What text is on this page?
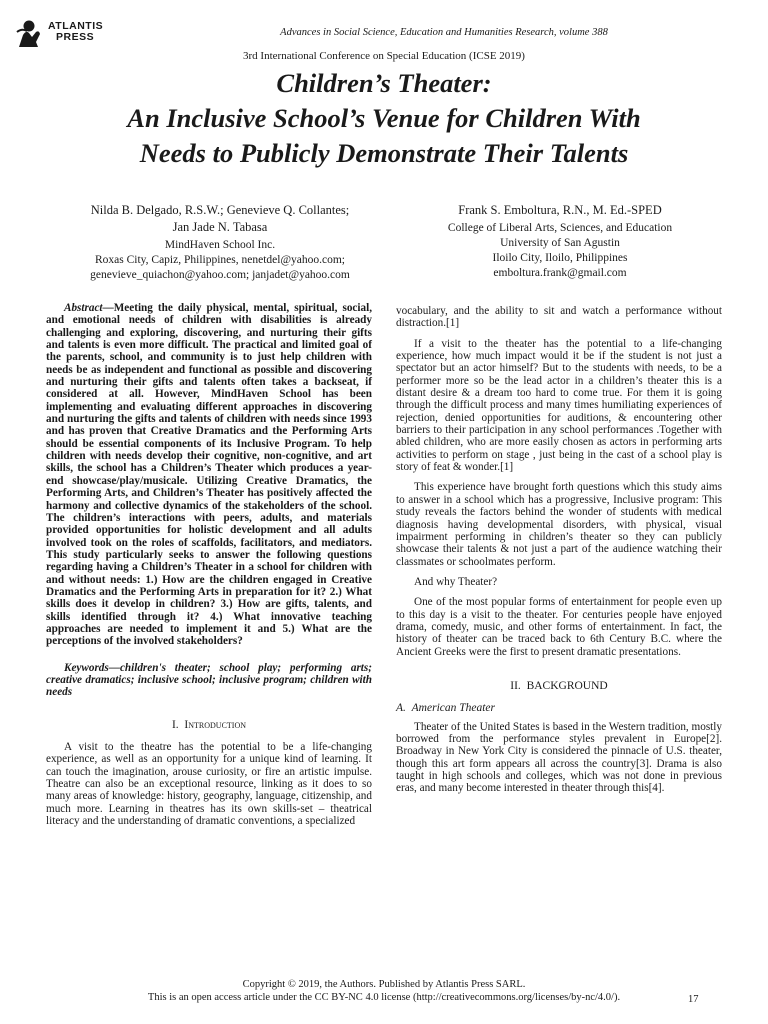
ATLANTIS
PRESS	Advances in Social Science, Education and Humanities Research, volume 388
3rd International Conference on Special Education (ICSE 2019)
Children’s Theater:
An Inclusive School’s Venue for Children With
Needs to Publicly Demonstrate Their Talents
Nilda B. Delgado, R.S.W.; Genevieve Q. Collantes;
Jan Jade N. Tabasa
MindHaven School Inc.
Roxas City, Capiz, Philippines, nenetdel@yahoo.com;
genevieve_quiachon@yahoo.com; janjadet@yahoo.com
Frank S. Emboltura, R.N., M. Ed.-SPED
College of Liberal Arts, Sciences, and Education
University of San Agustin
Iloilo City, Iloilo, Philippines
emboltura.frank@gmail.com

Abstract—Meeting the daily physical, mental, spiritual, social, and emotional needs of children with disabilities is already challenging and exploring, discovering, and nurturing their gifts and talents is even more difficult. The practical and limited goal of the parents, school, and community is to just help children with needs be as independent and functional as possible and discovering and nurturing their gifts and talents often takes a backseat, if considered at all. However, MindHaven School has been implementing and evaluating different approaches in discovering and nurturing the gifts and talents of children with needs since 1993 and has proven that Creative Dramatics and the Performing Arts should be essential components of its Inclusive Program. To help children with needs develop their cognitive, non-cognitive, and art skills, the school has a Children’s Theater which produces a year-end showcase/play/musicale. Utilizing Creative Dramatics, the Performing Arts, and Children’s Theater has positively affected the harmony and collective dynamics of the stakeholders of the school. The children’s interactions with peers, adults, and materials provided opportunities for holistic development and all adults involved took on the roles of scaffolds, facilitators, and mediators. This study particularly seeks to answer the following questions regarding having a Children’s Theater in a school for children with and without needs: 1.) How are the children engaged in Creative Dramatics and the Performing Arts in preparation for it? 2.) What skills does it develop in children? 3.) How are gifts, talents, and skills identified through it? 4.) What innovative teaching approaches are needed to implement it and 5.) What are the perceptions of the involved stakeholders?

Keywords—children's theater; school play; performing arts; creative dramatics; inclusive school; inclusive program; children with needs

I. Introduction

A visit to the theatre has the potential to be a life-changing experience, as well as an opportunity for a unique kind of learning. It can touch the imagination, arouse curiosity, or fire an artistic impulse. Theatre can also be an exceptional resource, linking as it does to so many areas of knowledge: history, geography, language, citizenship, and much more. Learning in theatres has its own skills-set – theatrical literacy and the understanding of dramatic conventions, a specialized

vocabulary, and the ability to sit and watch a performance without distraction.[1]

If a visit to the theater has the potential to a life-changing experience, how much impact would it be if the student is not just a spectator but an actor himself? But to the students with needs, to be a performer more so be the lead actor in a children’s theater this is a distant desire & a dream too hard to come true. For them it is going through the difficult process and many times humiliating experiences of rejection, denied opportunities for auditions, & encountering other barriers to their participation in any school performances .Together with abled children, who are more easily chosen as actors in performing arts activities to perform on stage , just being in the cast of a school play is story of feat & wonder.[1]

This experience have brought forth questions which this study aims to answer in a school which has a progressive, Inclusive program: This study reveals the factors behind the wonder of students with medical diagnosis having developmental disorders, with physical, visual impairment performing in children’s theater so they can publicly showcase their talents & not just a part of the audience watching their classmates or schoolmates perform.

And why Theater?

One of the most popular forms of entertainment for people even up to this day is a visit to the theater. For centuries people have enjoyed drama, comedy, music, and other forms of entertainment. In fact, the history of theater can be traced back to 6th Century B.C. where the Ancient Greeks were the first to present dramatic presentations.

II. BACKGROUND

A. American Theater

Theater of the United States is based in the Western tradition, mostly borrowed from the performance styles prevalent in Europe[2]. Broadway in New York City is considered the pinnacle of U.S. theater, though this art form appears all across the country[3]. Drama is also taught in high schools and colleges, which was not done in previous eras, and many become interested in theater through this[4].

Copyright © 2019, the Authors. Published by Atlantis Press SARL.
This is an open access article under the CC BY-NC 4.0 license (http://creativecommons.org/licenses/by-nc/4.0/).	17
